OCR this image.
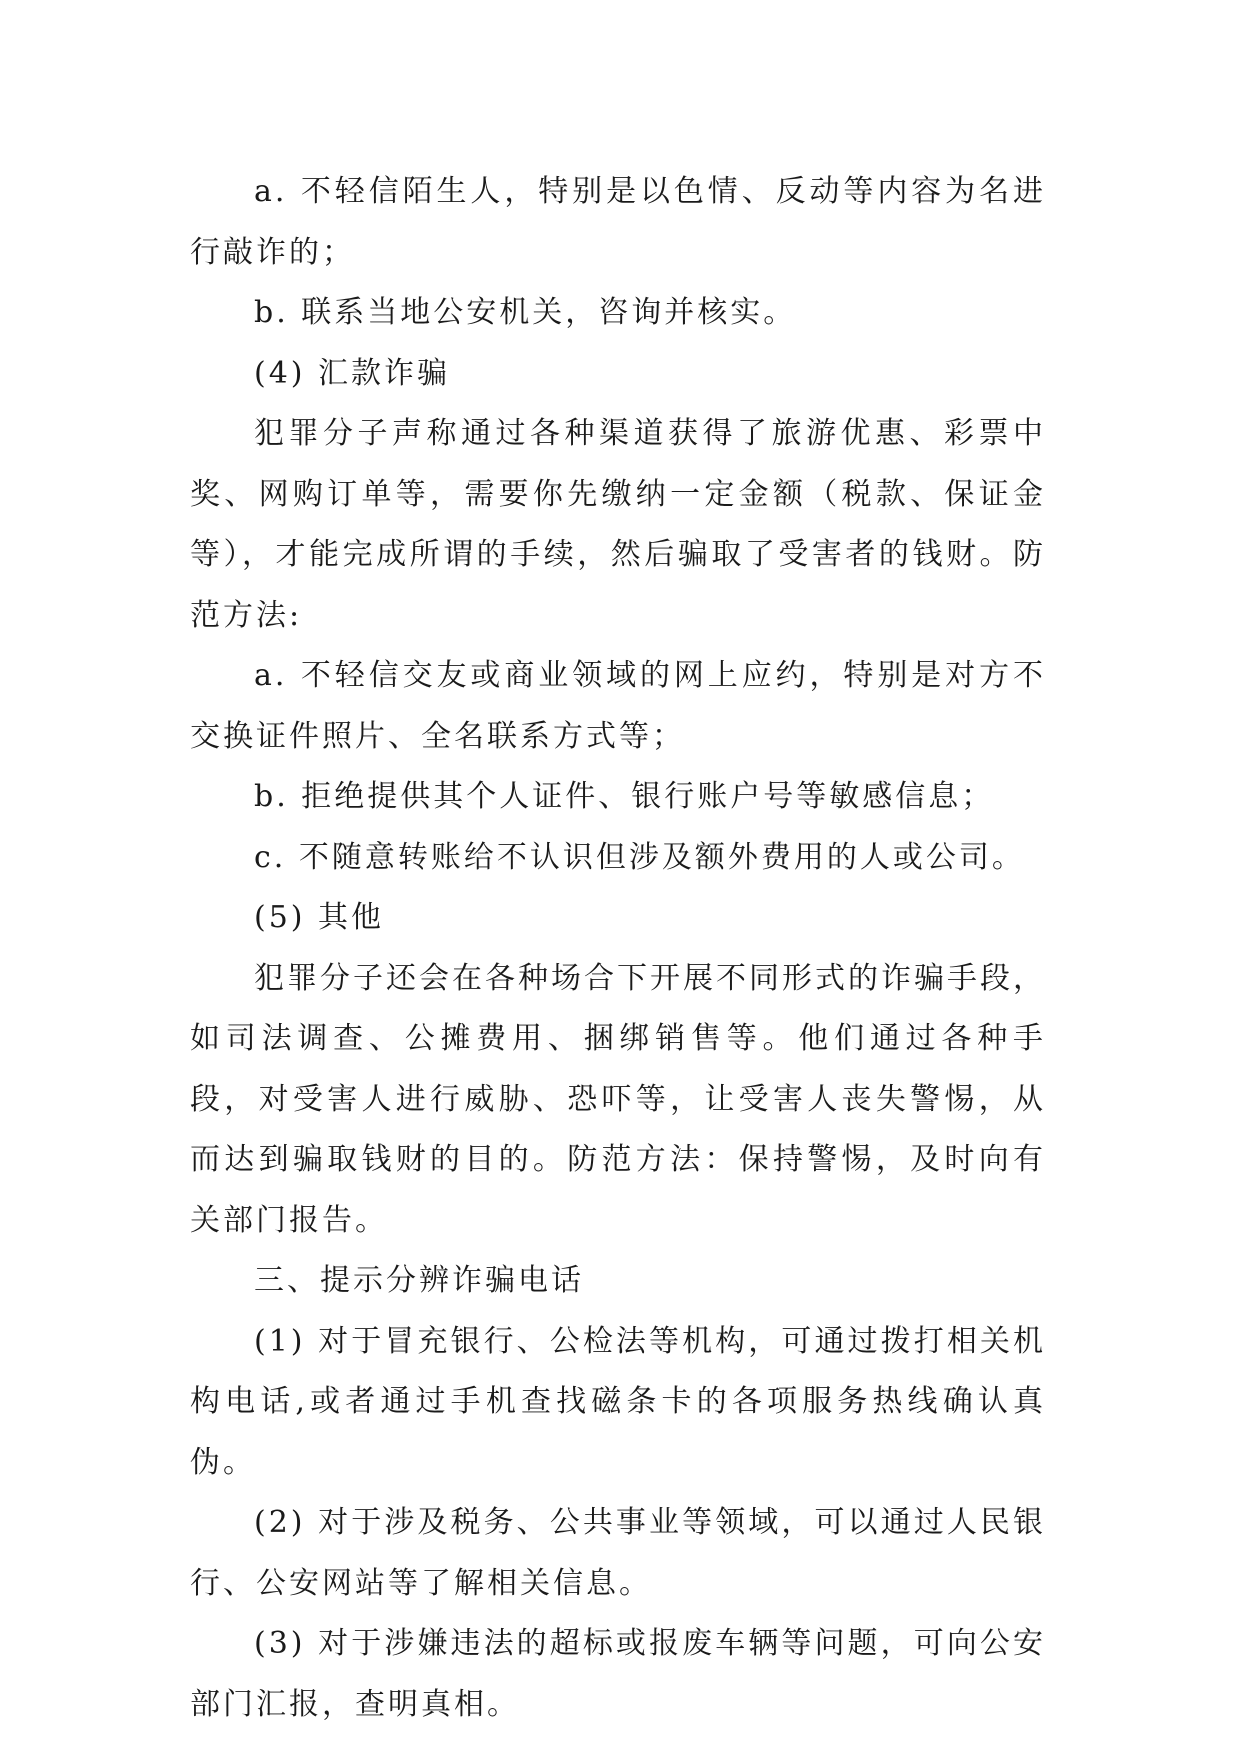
a. 不轻信陌生人，特别是以色情、反动等内容为名进行敲诈的；

b. 联系当地公安机关，咨询并核实。

(4) 汇款诈骗

犯罪分子声称通过各种渠道获得了旅游优惠、彩票中奖、网购订单等，需要你先缴纳一定金额（税款、保证金等），才能完成所谓的手续，然后骗取了受害者的钱财。防范方法:

a. 不轻信交友或商业领域的网上应约，特别是对方不交换证件照片、全名联系方式等；

b. 拒绝提供其个人证件、银行账户号等敏感信息；

c. 不随意转账给不认识但涉及额外费用的人或公司。

(5) 其他

犯罪分子还会在各种场合下开展不同形式的诈骗手段，如司法调查、公摊费用、捆绑销售等。他们通过各种手段，对受害人进行威胁、恐吓等，让受害人丧失警惕，从而达到骗取钱财的目的。防范方法：保持警惕，及时向有关部门报告。

三、提示分辨诈骗电话

(1) 对于冒充银行、公检法等机构，可通过拨打相关机构电话,或者通过手机查找磁条卡的各项服务热线确认真伪。

(2) 对于涉及税务、公共事业等领域，可以通过人民银行、公安网站等了解相关信息。

(3) 对于涉嫌违法的超标或报废车辆等问题，可向公安部门汇报，查明真相。
